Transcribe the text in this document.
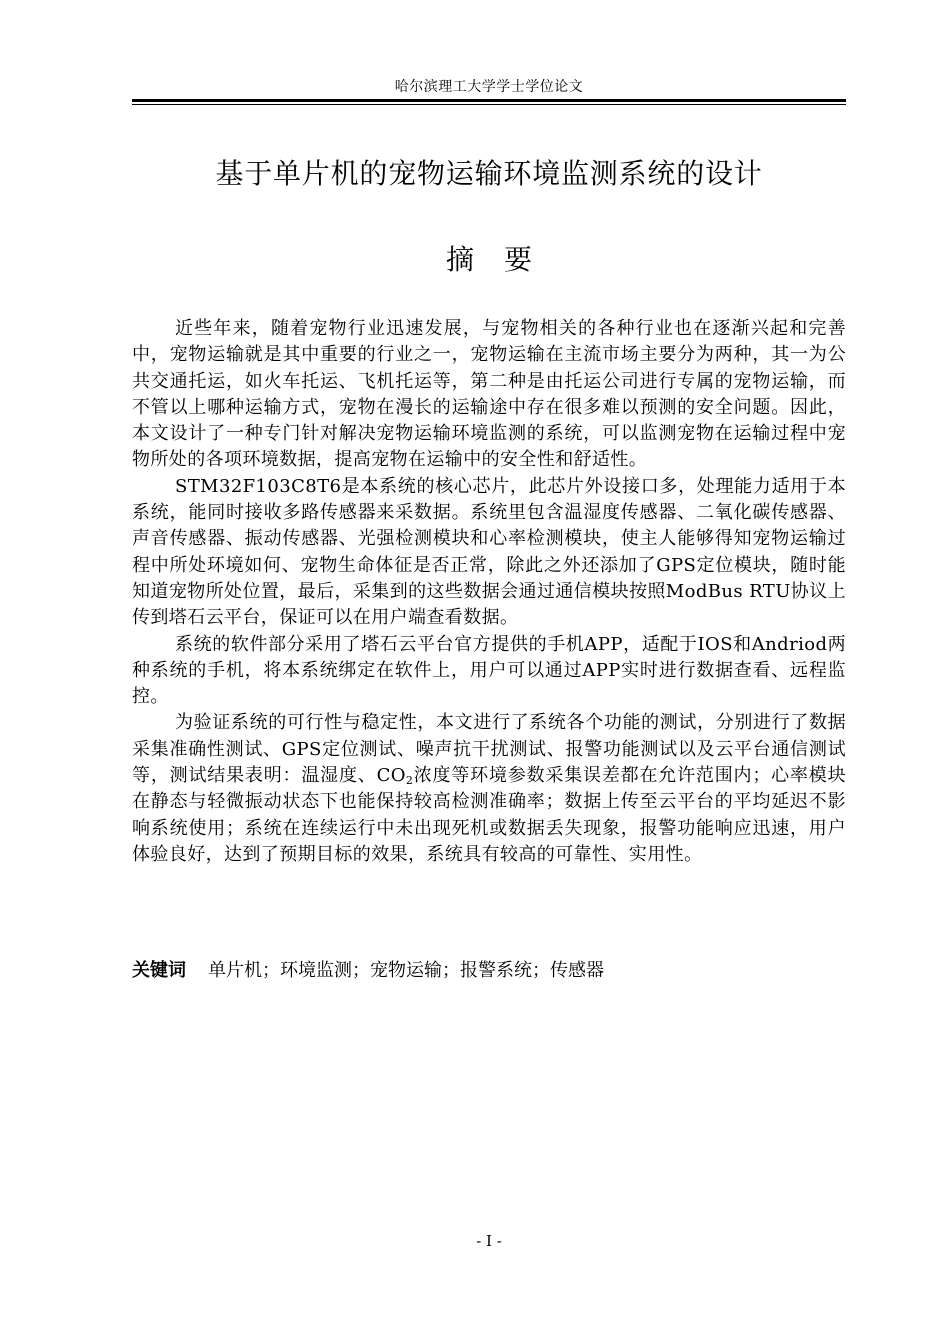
哈尔滨理工大学学士学位论文
基于单片机的宠物运输环境监测系统的设计
摘要

近些年来，随着宠物行业迅速发展，与宠物相关的各种行业也在逐渐兴起和完善中，宠物运输就是其中重要的行业之一，宠物运输在主流市场主要分为两种，其一为公共交通托运，如火车托运、飞机托运等，第二种是由托运公司进行专属的宠物运输，而不管以上哪种运输方式，宠物在漫长的运输途中存在很多难以预测的安全问题。因此，本文设计了一种专门针对解决宠物运输环境监测的系统，可以监测宠物在运输过程中宠物所处的各项环境数据，提高宠物在运输中的安全性和舒适性。

STM32F103C8T6是本系统的核心芯片，此芯片外设接口多，处理能力适用于本系统，能同时接收多路传感器来采数据。系统里包含温湿度传感器、二氧化碳传感器、声音传感器、振动传感器、光强检测模块和心率检测模块，使主人能够得知宠物运输过程中所处环境如何、宠物生命体征是否正常，除此之外还添加了GPS定位模块，随时能知道宠物所处位置，最后，采集到的这些数据会通过通信模块按照ModBus RTU协议上传到塔石云平台，保证可以在用户端查看数据。

系统的软件部分采用了塔石云平台官方提供的手机APP，适配于IOS和Andriod两种系统的手机，将本系统绑定在软件上，用户可以通过APP实时进行数据查看、远程监控。

为验证系统的可行性与稳定性，本文进行了系统各个功能的测试，分别进行了数据采集准确性测试、GPS定位测试、噪声抗干扰测试、报警功能测试以及云平台通信测试等，测试结果表明：温湿度、$CO_2$浓度等环境参数采集误差都在允许范围内；心率模块在静态与轻微振动状态下也能保持较高检测准确率；数据上传至云平台的平均延迟不影响系统使用；系统在连续运行中未出现死机或数据丢失现象，报警功能响应迅速，用户体验良好，达到了预期目标的效果，系统具有较高的可靠性、实用性。

关键词 单片机；环境监测；宠物运输；报警系统；传感器
- I -
